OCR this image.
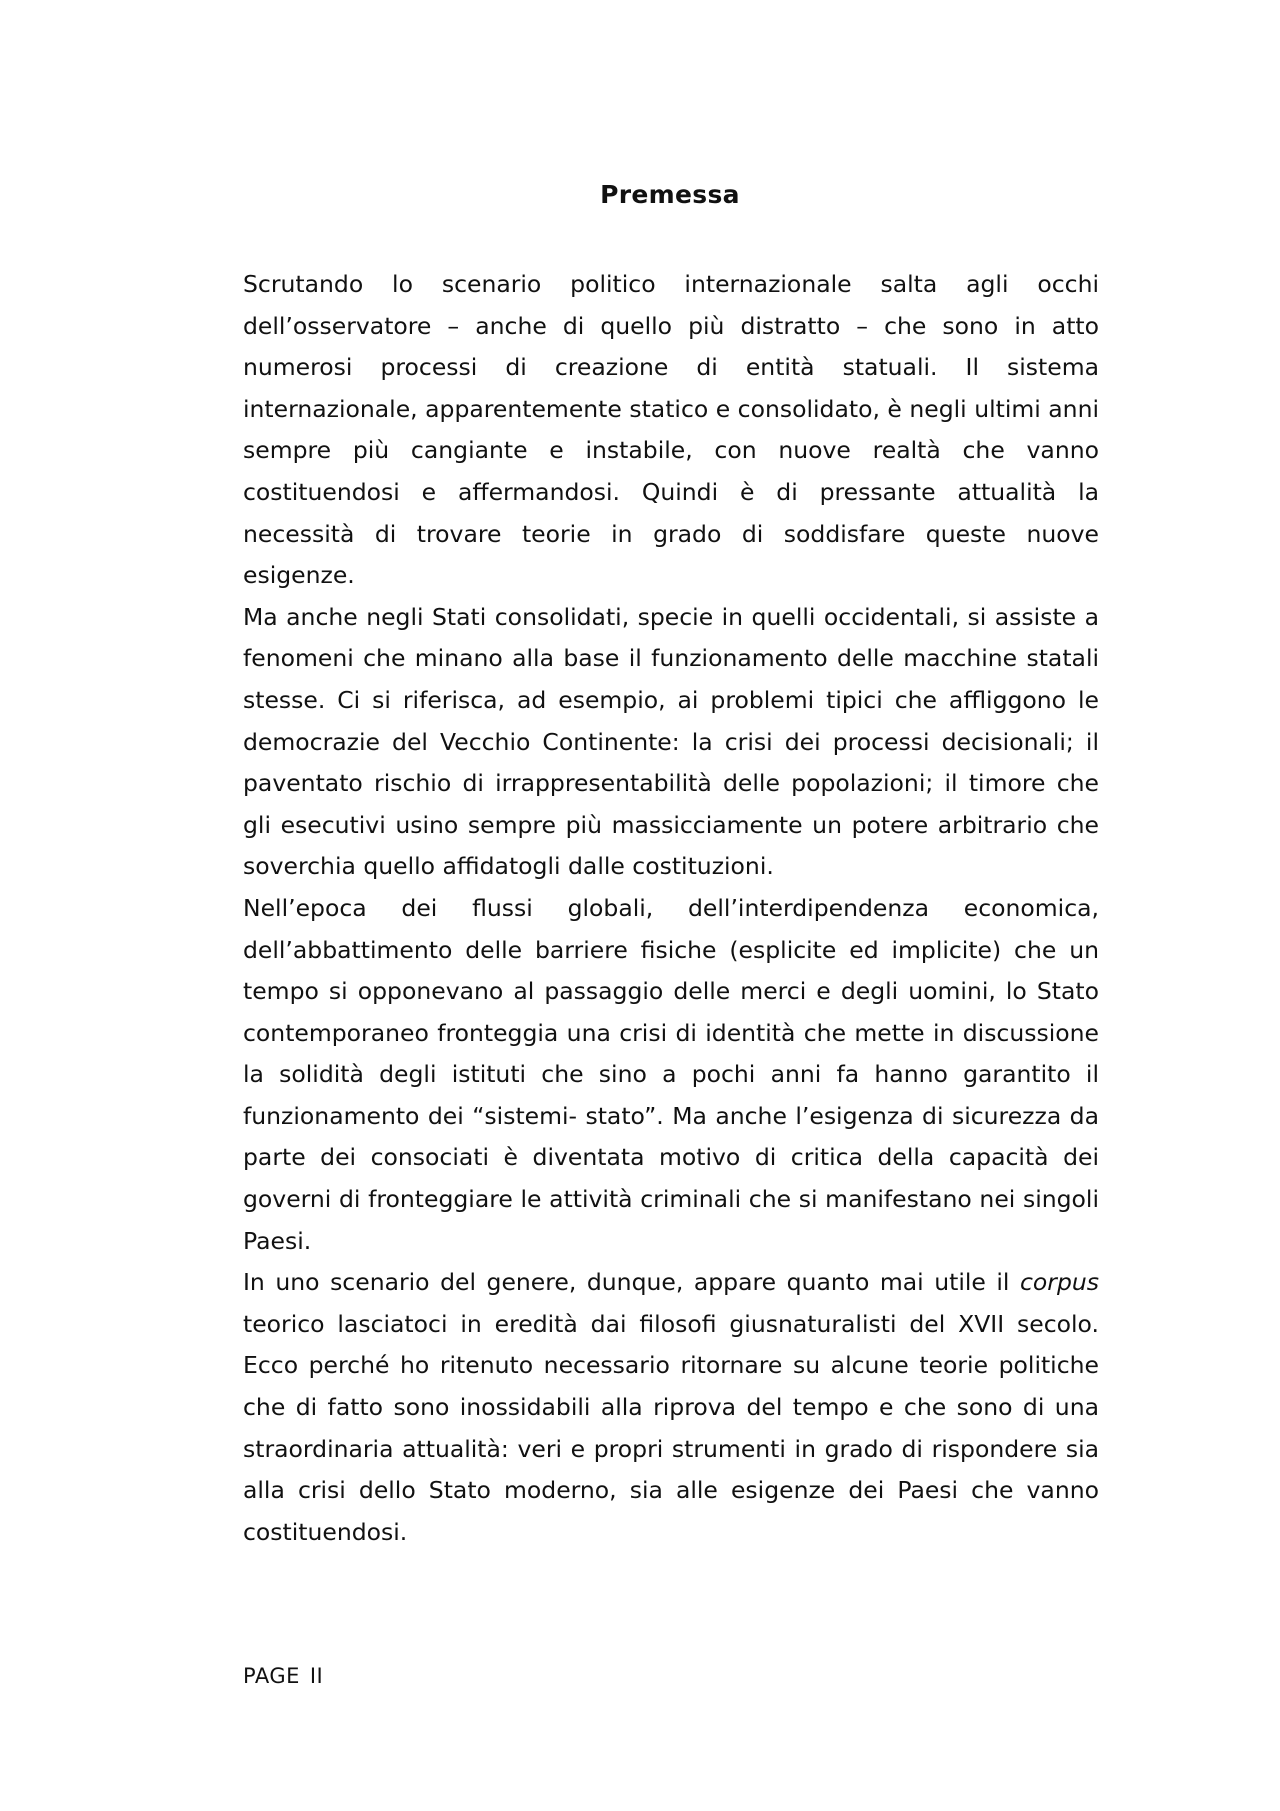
Premessa

Scrutando lo scenario politico internazionale salta agli occhi dell’osservatore – anche di quello più distratto – che sono in atto numerosi processi di creazione di entità statuali. Il sistema internazionale, apparentemente statico e consolidato, è negli ultimi anni sempre più cangiante e instabile, con nuove realtà che vanno costituendosi e affermandosi. Quindi è di pressante attualità la necessità di trovare teorie in grado di soddisfare queste nuove esigenze.

Ma anche negli Stati consolidati, specie in quelli occidentali, si assiste a fenomeni che minano alla base il funzionamento delle macchine statali stesse. Ci si riferisca, ad esempio, ai problemi tipici che affliggono le democrazie del Vecchio Continente: la crisi dei processi decisionali; il paventato rischio di irrappresentabilità delle popolazioni; il timore che gli esecutivi usino sempre più massicciamente un potere arbitrario che soverchia quello affidatogli dalle costituzioni.

Nell’epoca dei flussi globali, dell’interdipendenza economica, dell’abbattimento delle barriere fisiche (esplicite ed implicite) che un tempo si opponevano al passaggio delle merci e degli uomini, lo Stato contemporaneo fronteggia una crisi di identità che mette in discussione la solidità degli istituti che sino a pochi anni fa hanno garantito il funzionamento dei “sistemi- stato”. Ma anche l’esigenza di sicurezza da parte dei consociati è diventata motivo di critica della capacità dei governi di fronteggiare le attività criminali che si manifestano nei singoli Paesi.

In uno scenario del genere, dunque, appare quanto mai utile il corpus teorico lasciatoci in eredità dai filosofi giusnaturalisti del XVII secolo. Ecco perché ho ritenuto necessario ritornare su alcune teorie politiche che di fatto sono inossidabili alla riprova del tempo e che sono di una straordinaria attualità: veri e propri strumenti in grado di rispondere sia alla crisi dello Stato moderno, sia alle esigenze dei Paesi che vanno costituendosi.

PAGE II
